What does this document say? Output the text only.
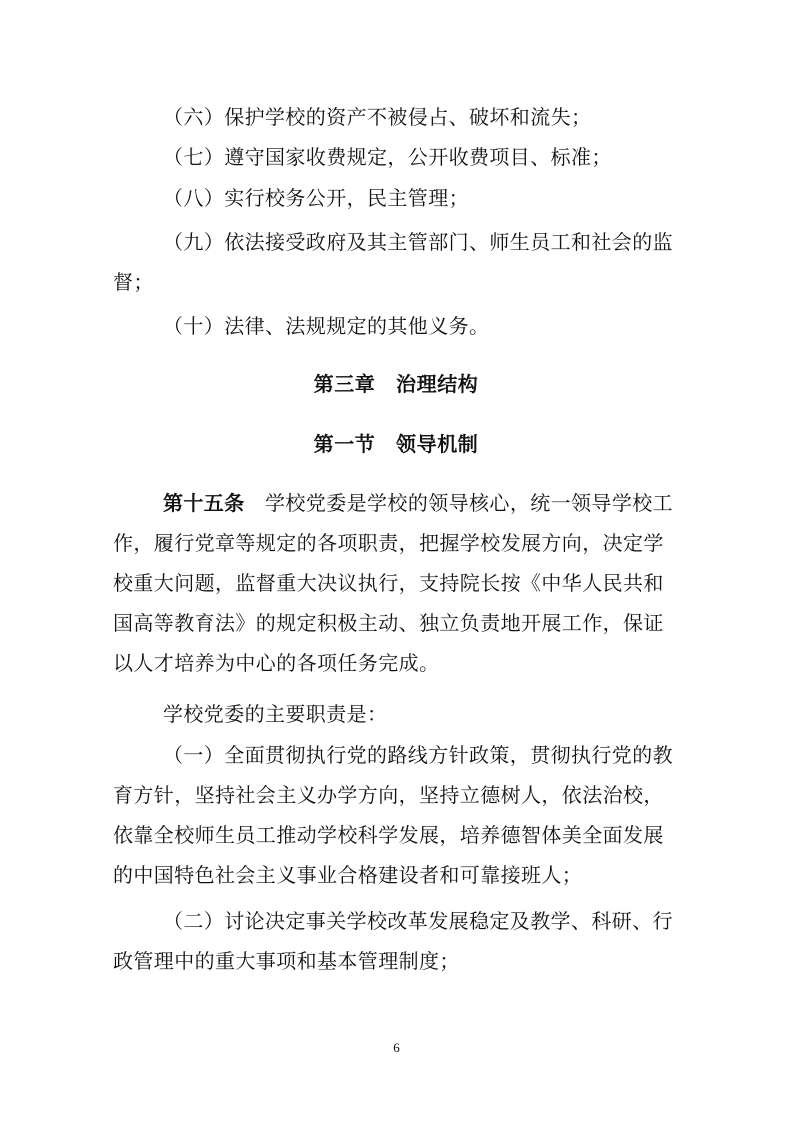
（六）保护学校的资产不被侵占、破坏和流失；

（七）遵守国家收费规定，公开收费项目、标准；

（八）实行校务公开，民主管理；

（九）依法接受政府及其主管部门、师生员工和社会的监督；

（十）法律、法规规定的其他义务。

第三章　治理结构
第一节　领导机制

第十五条　 学校党委是学校的领导核心，统一领导学校工作，履行党章等规定的各项职责，把握学校发展方向，决定学校重大问题，监督重大决议执行，支持院长按《中华人民共和国高等教育法》的规定积极主动、独立负责地开展工作，保证以人才培养为中心的各项任务完成。

学校党委的主要职责是：

（一）全面贯彻执行党的路线方针政策，贯彻执行党的教育方针，坚持社会主义办学方向，坚持立德树人，依法治校，依靠全校师生员工推动学校科学发展，培养德智体美全面发展的中国特色社会主义事业合格建设者和可靠接班人；

（二）讨论决定事关学校改革发展稳定及教学、科研、行政管理中的重大事项和基本管理制度；

6
